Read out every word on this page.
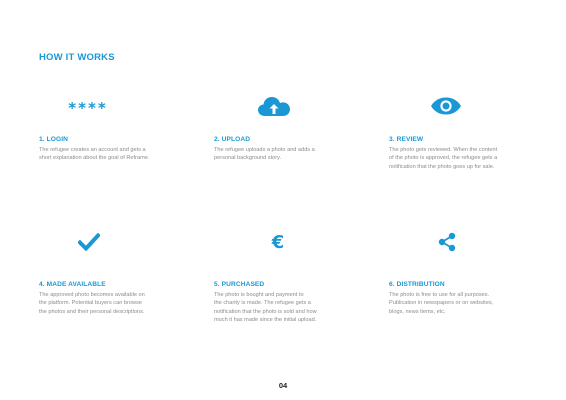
HOW IT WORKS
****

1. LOGIN

The refugee creates an account and gets a
short explanation about the goal of Reframe.

2. UPLOAD

The refugee uploads a photo and adds a
personal background story.

3. REVIEW

The photo gets reviewed. When the content
of the photo is approved, the refugee gets a
notification that the photo goes up for sale.

4. MADE AVAILABLE

The approved photo becomes available on
the platform. Potential buyers can browse
the photos and their personal descriptions.

€

5. PURCHASED

The photo is bought and payment to
the charity is made. The refugee gets a
notification that the photo is sold and how
much it has made since the initial upload.

6. DISTRIBUTION

The photo is free to use for all purposes.
Publication in newspapers or on websites,
blogs, news items, etc.

04
